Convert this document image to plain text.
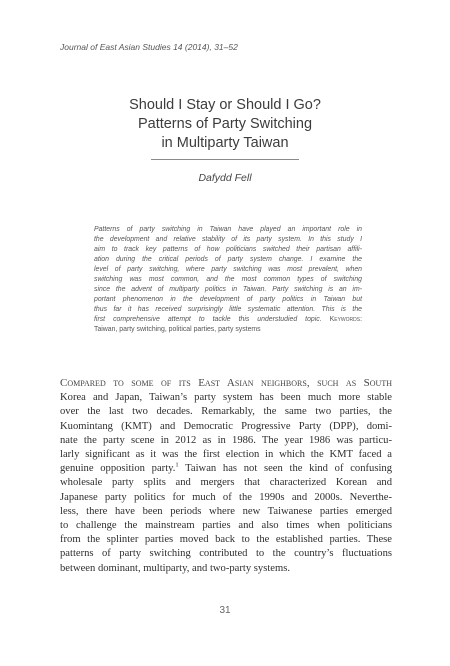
Journal of East Asian Studies 14 (2014), 31–52
Should I Stay or Should I Go?
Patterns of Party Switching
in Multiparty Taiwan
Dafydd Fell
Patterns of party switching in Taiwan have played an important role in
the development and relative stability of its party system. In this study I
aim to track key patterns of how politicians switched their partisan affili-
ation during the critical periods of party system change. I examine the
level of party switching, where party switching was most prevalent, when
switching was most common, and the most common types of switching
since the advent of multiparty politics in Taiwan. Party switching is an im-
portant phenomenon in the development of party politics in Taiwan but
thus far it has received surprisingly little systematic attention. This is the
first comprehensive attempt to tackle this understudied topic. Keywords:
Taiwan, party switching, political parties, party systems
Compared to some of its East Asian neighbors, such as South
Korea and Japan, Taiwan’s party system has been much more stable
over the last two decades. Remarkably, the same two parties, the
Kuomintang (KMT) and Democratic Progressive Party (DPP), domi-
nate the party scene in 2012 as in 1986. The year 1986 was particu-
larly significant as it was the first election in which the KMT faced a
genuine opposition party.$^1$ Taiwan has not seen the kind of confusing
wholesale party splits and mergers that characterized Korean and
Japanese party politics for much of the 1990s and 2000s. Neverthe-
less, there have been periods where new Taiwanese parties emerged
to challenge the mainstream parties and also times when politicians
from the splinter parties moved back to the established parties. These
patterns of party switching contributed to the country’s fluctuations
between dominant, multiparty, and two-party systems.
31
